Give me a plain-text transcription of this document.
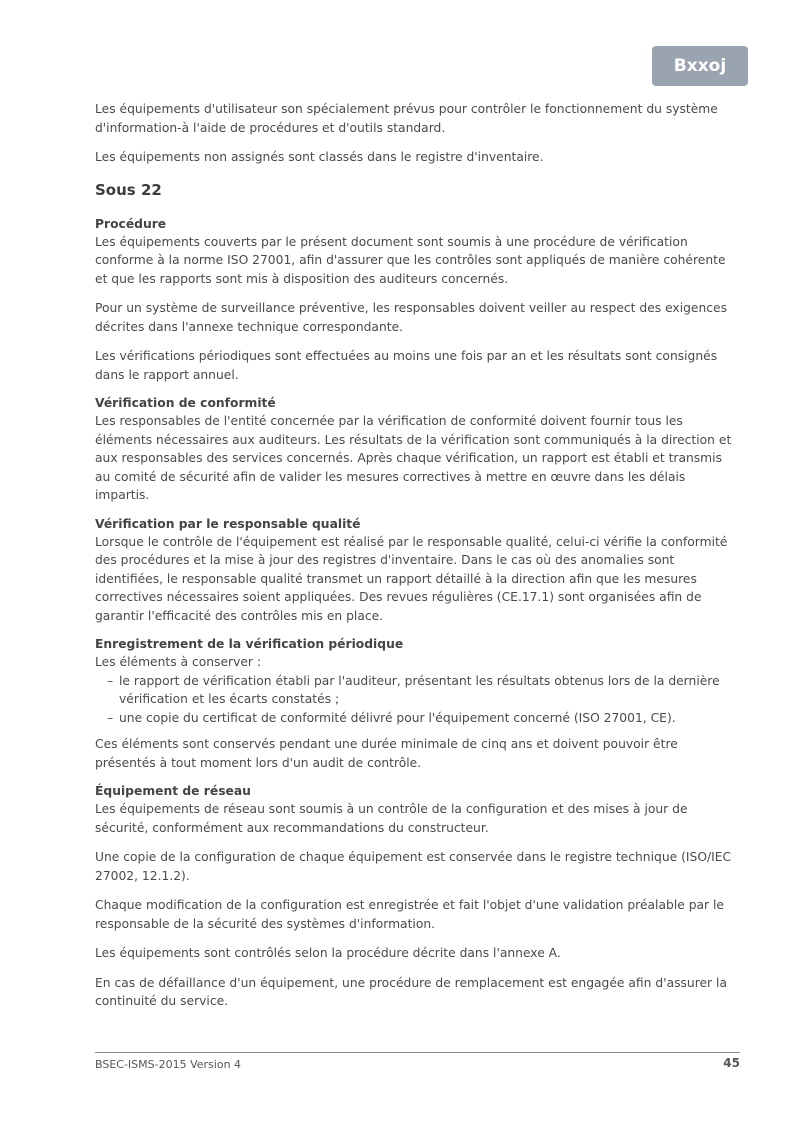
Bxxoj

Les équipements d'utilisateur son spécialement prévus pour contrôler le fonctionnement du système d'information-à l'aide de procédures et d'outils standard.

Les équipements non assignés sont classés dans le registre d'inventaire.

Sous 22
Procédure

Les équipements couverts par le présent document sont soumis à une procédure de vérification conforme à la norme ISO 27001, afin d'assurer que les contrôles sont appliqués de manière cohérente et que les rapports sont mis à disposition des auditeurs concernés.

Pour un système de surveillance préventive, les responsables doivent veiller au respect des exigences décrites dans l'annexe technique correspondante.

Les vérifications périodiques sont effectuées au moins une fois par an et les résultats sont consignés dans le rapport annuel.

Vérification de conformité

Les responsables de l'entité concernée par la vérification de conformité doivent fournir tous les éléments nécessaires aux auditeurs. Les résultats de la vérification sont communiqués à la direction et aux responsables des services concernés. Après chaque vérification, un rapport est établi et transmis au comité de sécurité afin de valider les mesures correctives à mettre en œuvre dans les délais impartis.

Vérification par le responsable qualité

Lorsque le contrôle de l'équipement est réalisé par le responsable qualité, celui-ci vérifie la conformité des procédures et la mise à jour des registres d'inventaire. Dans le cas où des anomalies sont identifiées, le responsable qualité transmet un rapport détaillé à la direction afin que les mesures correctives nécessaires soient appliquées. Des revues régulières (CE.17.1) sont organisées afin de garantir l'efficacité des contrôles mis en place.

Enregistrement de la vérification périodique

Les éléments à conserver :

– le rapport de vérification établi par l'auditeur, présentant les résultats obtenus lors de la dernière vérification et les écarts constatés ;
– une copie du certificat de conformité délivré pour l'équipement concerné (ISO 27001, CE).

Ces éléments sont conservés pendant une durée minimale de cinq ans et doivent pouvoir être présentés à tout moment lors d'un audit de contrôle.

Équipement de réseau

Les équipements de réseau sont soumis à un contrôle de la configuration et des mises à jour de sécurité, conformément aux recommandations du constructeur.

Une copie de la configuration de chaque équipement est conservée dans le registre technique (ISO/IEC 27002, 12.1.2).

Chaque modification de la configuration est enregistrée et fait l'objet d'une validation préalable par le responsable de la sécurité des systèmes d'information.

Les équipements sont contrôlés selon la procédure décrite dans l'annexe A.

En cas de défaillance d'un équipement, une procédure de remplacement est engagée afin d'assurer la continuité du service.

BSEC-ISMS-2015 Version 4	45
